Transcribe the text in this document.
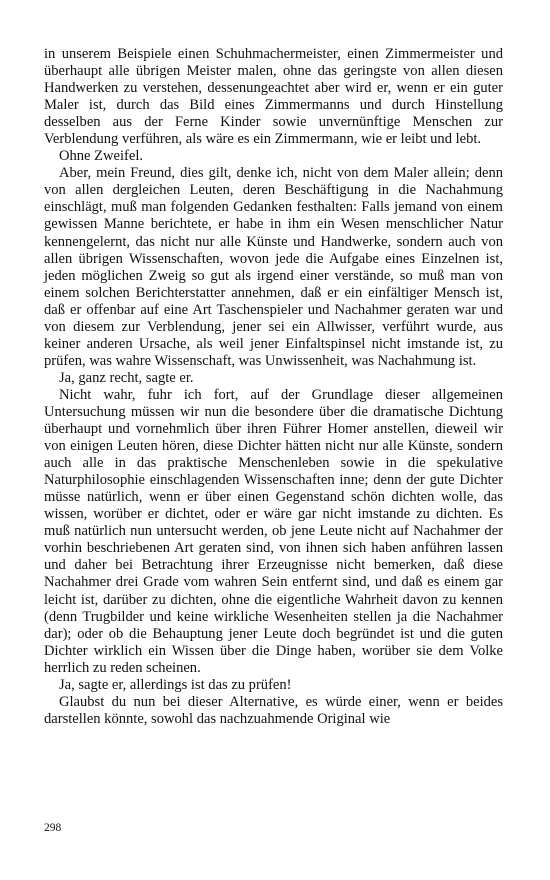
in unserem Beispiele einen Schuhmachermeister, einen Zimmermeister und überhaupt alle übrigen Meister malen, ohne das geringste von allen diesen Handwerken zu verstehen, dessenungeachtet aber wird er, wenn er ein guter Maler ist, durch das Bild eines Zimmermanns und durch Hinstellung desselben aus der Ferne Kinder sowie unvernünftige Menschen zur Verblendung verführen, als wäre es ein Zimmermann, wie er leibt und lebt.

Ohne Zweifel.

Aber, mein Freund, dies gilt, denke ich, nicht von dem Maler allein; denn von allen dergleichen Leuten, deren Beschäftigung in die Nachahmung einschlägt, muß man folgenden Gedanken festhalten: Falls jemand von einem gewissen Manne berichtete, er habe in ihm ein Wesen menschlicher Natur kennengelernt, das nicht nur alle Künste und Handwerke, sondern auch von allen übrigen Wissenschaften, wovon jede die Aufgabe eines Einzelnen ist, jeden möglichen Zweig so gut als irgend einer verstände, so muß man von einem solchen Berichterstatter annehmen, daß er ein einfältiger Mensch ist, daß er offenbar auf eine Art Taschenspieler und Nachahmer geraten war und von diesem zur Verblendung, jener sei ein Allwisser, verführt wurde, aus keiner anderen Ursache, als weil jener Einfaltspinsel nicht imstande ist, zu prüfen, was wahre Wissenschaft, was Unwissenheit, was Nachahmung ist.

Ja, ganz recht, sagte er.

Nicht wahr, fuhr ich fort, auf der Grundlage dieser allgemeinen Untersuchung müssen wir nun die besondere über die dramatische Dichtung überhaupt und vornehmlich über ihren Führer Homer anstellen, dieweil wir von einigen Leuten hören, diese Dichter hätten nicht nur alle Künste, sondern auch alle in das praktische Menschenleben sowie in die spekulative Naturphilosophie einschlagenden Wissenschaften inne; denn der gute Dichter müsse natürlich, wenn er über einen Gegenstand schön dichten wolle, das wissen, worüber er dichtet, oder er wäre gar nicht imstande zu dichten. Es muß natürlich nun untersucht werden, ob jene Leute nicht auf Nachahmer der vorhin beschriebenen Art geraten sind, von ihnen sich haben anführen lassen und daher bei Betrachtung ihrer Erzeugnisse nicht bemerken, daß diese Nachahmer drei Grade vom wahren Sein entfernt sind, und daß es einem gar leicht ist, darüber zu dichten, ohne die eigentliche Wahrheit davon zu kennen (denn Trugbilder und keine wirkliche Wesenheiten stellen ja die Nachahmer dar); oder ob die Behauptung jener Leute doch begründet ist und die guten Dichter wirklich ein Wissen über die Dinge haben, worüber sie dem Volke herrlich zu reden scheinen.

Ja, sagte er, allerdings ist das zu prüfen!

Glaubst du nun bei dieser Alternative, es würde einer, wenn er beides darstellen könnte, sowohl das nachzuahmende Original wie

298
